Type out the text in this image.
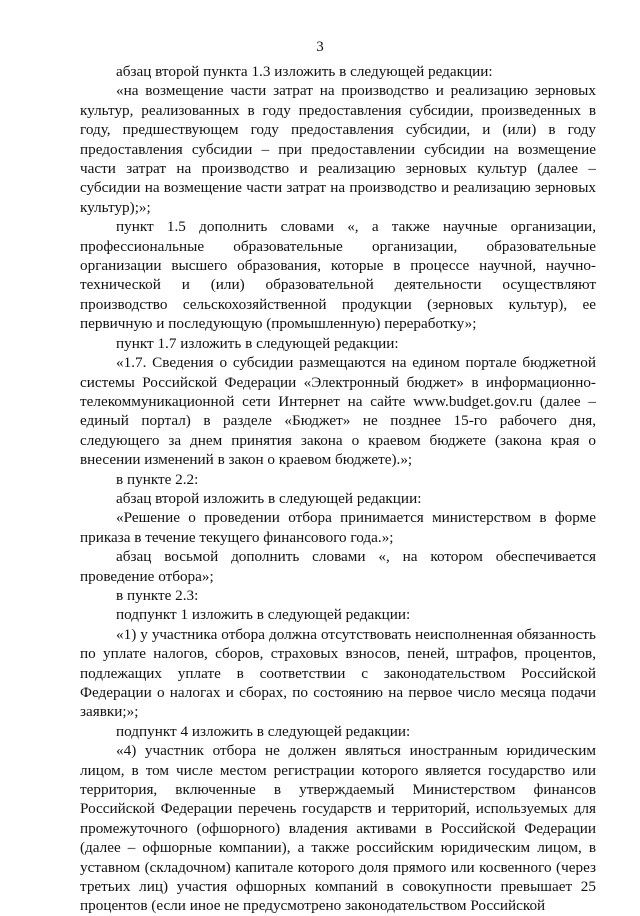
3

абзац второй пункта 1.3 изложить в следующей редакции:

«на возмещение части затрат на производство и реализацию зерновых культур, реализованных в году предоставления субсидии, произведенных в году, предшествующем году предоставления субсидии, и (или) в году предоставления субсидии – при предоставлении субсидии на возмещение части затрат на производство и реализацию зерновых культур (далее – субсидии на возмещение части затрат на производство и реализацию зерновых культур);»;

пункт 1.5 дополнить словами «, а также научные организации, профессиональные образовательные организации, образовательные организации высшего образования, которые в процессе научной, научно-технической и (или) образовательной деятельности осуществляют производство сельскохозяйственной продукции (зерновых культур), ее первичную и последующую (промышленную) переработку»;

пункт 1.7 изложить в следующей редакции:

«1.7. Сведения о субсидии размещаются на едином портале бюджетной системы Российской Федерации «Электронный бюджет» в информационно-телекоммуникационной сети Интернет на сайте www.budget.gov.ru (далее – единый портал) в разделе «Бюджет» не позднее 15-го рабочего дня, следующего за днем принятия закона о краевом бюджете (закона края о внесении изменений в закон о краевом бюджете).»;

в пункте 2.2:

абзац второй изложить в следующей редакции:

«Решение о проведении отбора принимается министерством в форме приказа в течение текущего финансового года.»;

абзац восьмой дополнить словами «, на котором обеспечивается проведение отбора»;

в пункте 2.3:

подпункт 1 изложить в следующей редакции:

«1) у участника отбора должна отсутствовать неисполненная обязанность по уплате налогов, сборов, страховых взносов, пеней, штрафов, процентов, подлежащих уплате в соответствии с законодательством Российской Федерации о налогах и сборах, по состоянию на первое число месяца подачи заявки;»;

подпункт 4 изложить в следующей редакции:

«4) участник отбора не должен являться иностранным юридическим лицом, в том числе местом регистрации которого является государство или территория, включенные в утверждаемый Министерством финансов Российской Федерации перечень государств и территорий, используемых для промежуточного (офшорного) владения активами в Российской Федерации (далее – офшорные компании), а также российским юридическим лицом, в уставном (складочном) капитале которого доля прямого или косвенного (через третьих лиц) участия офшорных компаний в совокупности превышает 25 процентов (если иное не предусмотрено законодательством Российской
